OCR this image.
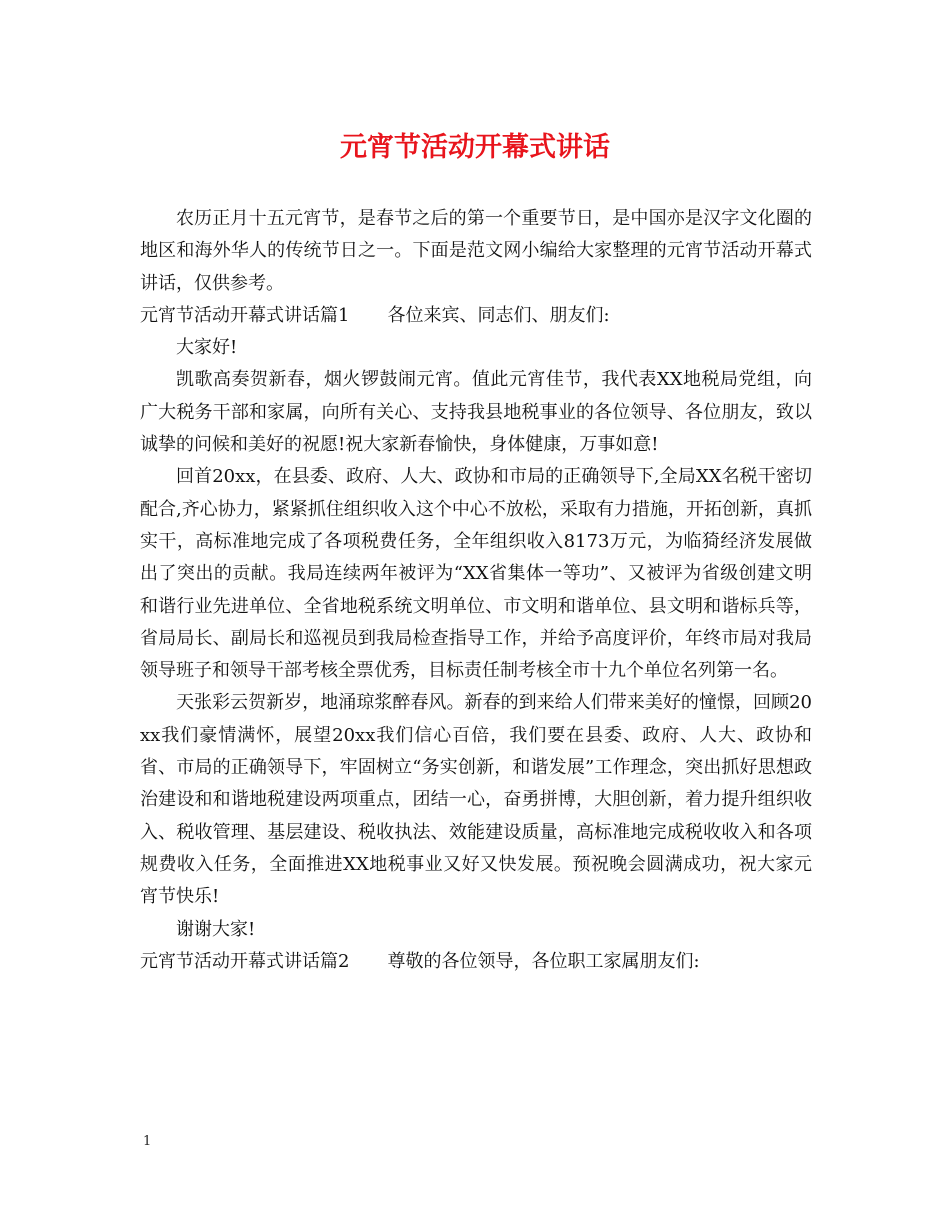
元宵节活动开幕式讲话

农历正月十五元宵节，是春节之后的第一个重要节日，是中国亦是汉字文化圈的地区和海外华人的传统节日之一。下面是范文网小编给大家整理的元宵节活动开幕式讲话，仅供参考。

元宵节活动开幕式讲话篇1 各位来宾、同志们、朋友们:

大家好!

凯歌高奏贺新春，烟火锣鼓闹元宵。值此元宵佳节，我代表XX地税局党组，向广大税务干部和家属，向所有关心、支持我县地税事业的各位领导、各位朋友，致以诚挚的问候和美好的祝愿!祝大家新春愉快，身体健康，万事如意!

回首20xx，在县委、政府、人大、政协和市局的正确领导下,全局XX名税干密切配合,齐心协力，紧紧抓住组织收入这个中心不放松，采取有力措施，开拓创新，真抓实干，高标准地完成了各项税费任务，全年组织收入8173万元，为临猗经济发展做出了突出的贡献。我局连续两年被评为“XX省集体一等功”、又被评为省级创建文明和谐行业先进单位、全省地税系统文明单位、市文明和谐单位、县文明和谐标兵等，省局局长、副局长和巡视员到我局检查指导工作，并给予高度评价，年终市局对我局领导班子和领导干部考核全票优秀，目标责任制考核全市十九个单位名列第一名。

天张彩云贺新岁，地涌琼浆醉春风。新春的到来给人们带来美好的憧憬，回顾20xx我们豪情满怀，展望20xx我们信心百倍，我们要在县委、政府、人大、政协和省、市局的正确领导下，牢固树立“务实创新，和谐发展”工作理念，突出抓好思想政治建设和和谐地税建设两项重点，团结一心，奋勇拼博，大胆创新，着力提升组织收入、税收管理、基层建设、税收执法、效能建设质量，高标准地完成税收收入和各项规费收入任务，全面推进XX地税事业又好又快发展。预祝晚会圆满成功，祝大家元宵节快乐!

谢谢大家!

元宵节活动开幕式讲话篇2 尊敬的各位领导，各位职工家属朋友们:

1
